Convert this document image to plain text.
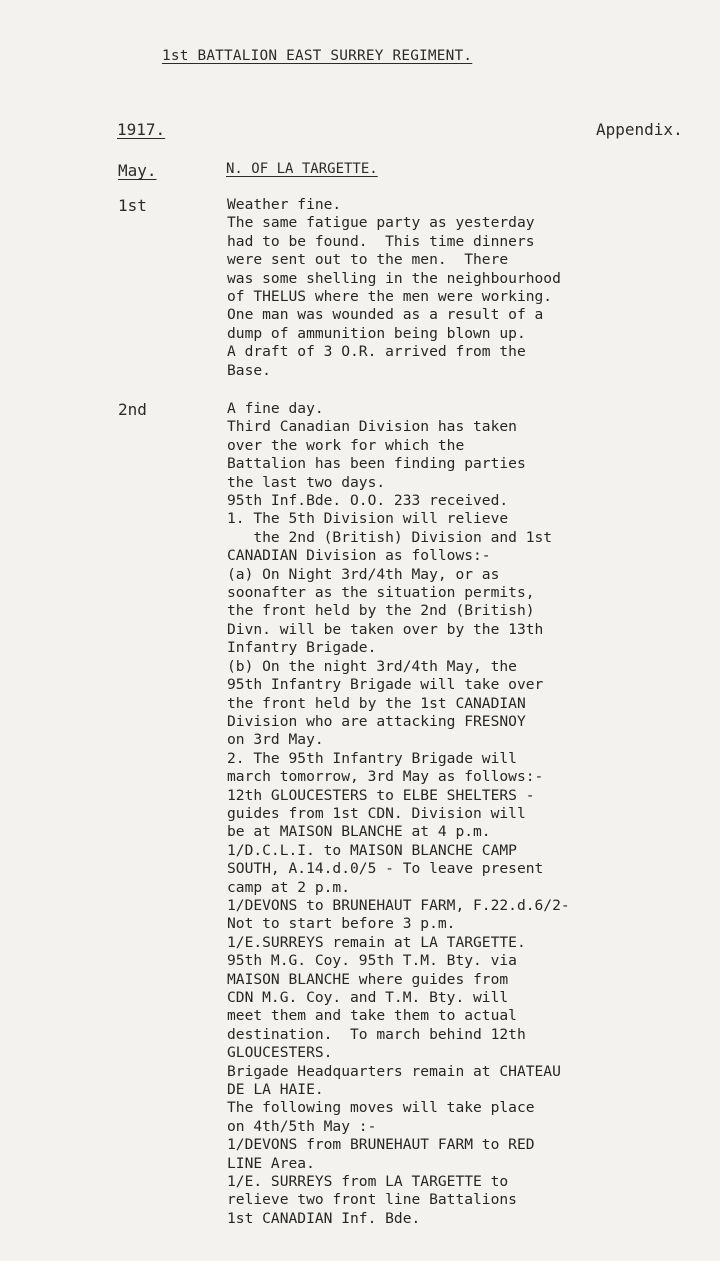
1st BATTALION EAST SURREY REGIMENT.
1917.	Appendix.
May.	N. OF LA TARGETTE.
1st	Weather fine.
The same fatigue party as yesterday
had to be found.  This time dinners
were sent out to the men.  There
was some shelling in the neighbourhood
of THELUS where the men were working.
One man was wounded as a result of a
dump of ammunition being blown up.
A draft of 3 O.R. arrived from the
Base.
2nd	A fine day.
Third Canadian Division has taken
over the work for which the
Battalion has been finding parties
the last two days.
95th Inf.Bde. O.O. 233 received.
1. The 5th Division will relieve
the 2nd (British) Division and 1st
CANADIAN Division as follows:-
(a) On Night 3rd/4th May, or as
soonafter as the situation permits,
the front held by the 2nd (British)
Divn. will be taken over by the 13th
Infantry Brigade.
(b) On the night 3rd/4th May, the
95th Infantry Brigade will take over
the front held by the 1st CANADIAN
Division who are attacking FRESNOY
on 3rd May.
2. The 95th Infantry Brigade will
march tomorrow, 3rd May as follows:-
12th GLOUCESTERS to ELBE SHELTERS -
guides from 1st CDN. Division will
be at MAISON BLANCHE at 4 p.m.
1/D.C.L.I. to MAISON BLANCHE CAMP
SOUTH, A.14.d.0/5 - To leave present
camp at 2 p.m.
1/DEVONS to BRUNEHAUT FARM, F.22.d.6/2-
Not to start before 3 p.m.
1/E.SURREYS remain at LA TARGETTE.
95th M.G. Coy. 95th T.M. Bty. via
MAISON BLANCHE where guides from
CDN M.G. Coy. and T.M. Bty. will
meet them and take them to actual
destination.  To march behind 12th
GLOUCESTERS.
Brigade Headquarters remain at CHATEAU
DE LA HAIE.
The following moves will take place
on 4th/5th May :-
1/DEVONS from BRUNEHAUT FARM to RED
LINE Area.
1/E. SURREYS from LA TARGETTE to
relieve two front line Battalions
1st CANADIAN Inf. Bde.
